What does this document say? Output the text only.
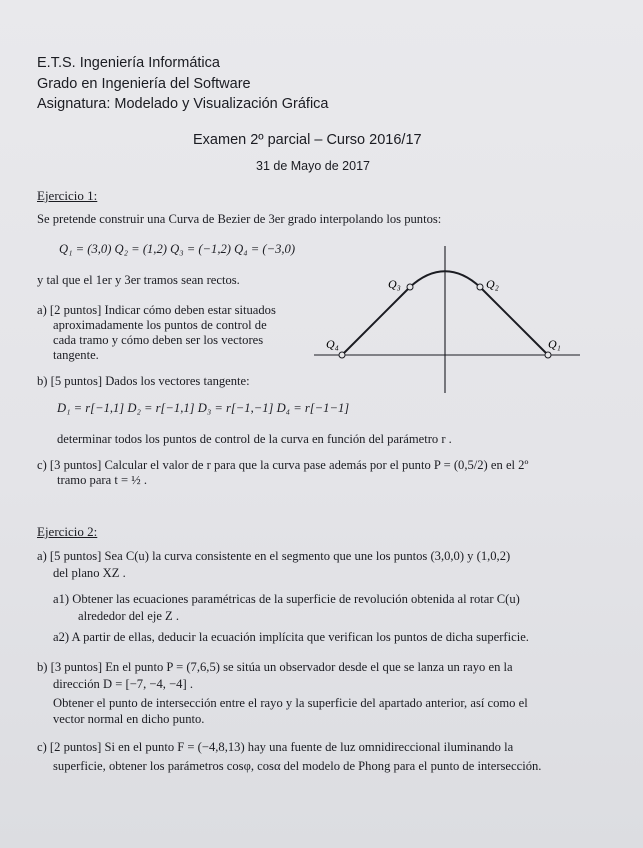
E.T.S. Ingeniería Informática
Grado en Ingeniería del Software
Asignatura: Modelado y Visualización Gráfica
Examen 2º parcial – Curso 2016/17
31 de Mayo de 2017
Ejercicio 1:
Se pretende construir una Curva de Bezier de 3er grado interpolando los puntos:
Q₁ = (3,0) Q₂ = (1,2) Q₃ = (−1,2) Q₄ = (−3,0)
y tal que el 1er y 3er tramos sean rectos.
a) [2 puntos] Indicar cómo deben estar situados
aproximadamente los puntos de control de
cada tramo y cómo deben ser los vectores
tangente.
b) [5 puntos] Dados los vectores tangente:
D₁ = r[−1,1] D₂ = r[−1,1] D₃ = r[−1,−1] D₄ = r[−1−1]
determinar todos los puntos de control de la curva en función del parámetro r .
c) [3 puntos] Calcular el valor de r para que la curva pase además por el punto P = (0,5/2) en el 2º
tramo para t = ½ .
Q₄
Q₃	Q₂
Q₁
Ejercicio 2:
a) [5 puntos] Sea C(u) la curva consistente en el segmento que une los puntos (3,0,0) y (1,0,2)
del plano XZ .
a1) Obtener las ecuaciones paramétricas de la superficie de revolución obtenida al rotar C(u)
alrededor del eje Z .
a2) A partir de ellas, deducir la ecuación implícita que verifican los puntos de dicha superficie.
b) [3 puntos] En el punto P = (7,6,5) se sitúa un observador desde el que se lanza un rayo en la
dirección D = [−7, −4, −4] .
Obtener el punto de intersección entre el rayo y la superficie del apartado anterior, así como el
vector normal en dicho punto.
c) [2 puntos] Si en el punto F = (−4,8,13) hay una fuente de luz omnidireccional iluminando la
superficie, obtener los parámetros cosφ, cosα del modelo de Phong para el punto de intersección.
